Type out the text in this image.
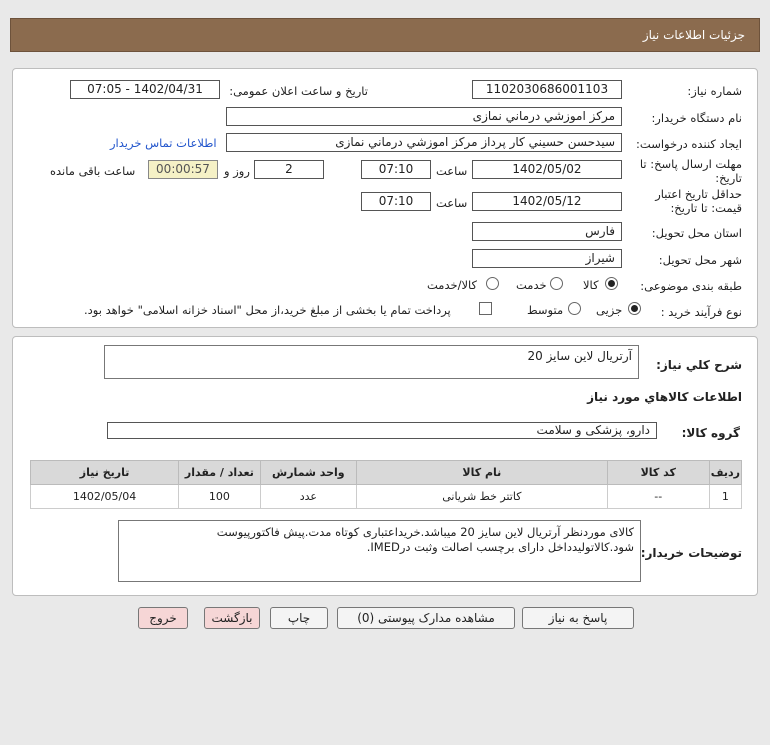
جزئیات اطلاعات نیاز
شماره نیاز:
1102030686001103
تاریخ و ساعت اعلان عمومی:
1402/04/31 - 07:05
نام دستگاه خریدار:
مرکز اموزشي درماني نمازی
ایجاد کننده درخواست:
سیدحسن حسيني كار پرداز مرکز اموزشي درماني نمازی
اطلاعات تماس خریدار
مهلت ارسال پاسخ: تا
تاریخ:
1402/05/02
ساعت
07:10
2
روز و
00:00:57
ساعت باقی مانده
حداقل تاریخ اعتبار
قیمت: تا تاریخ:
1402/05/12
ساعت
07:10
استان محل تحویل:
فارس
شهر محل تحویل:
شیراز
طبقه بندی موضوعی:
کالا
خدمت
کالا/خدمت
نوع فرآیند خرید :
جزیی
متوسط
پرداخت تمام یا بخشی از مبلغ خرید،از محل "اسناد خزانه اسلامی" خواهد بود.
شرح کلي نياز:
آرتریال لاین سایز 20
اطلاعات کالاهاي مورد نياز
گروه کالا:
دارو، پزشکی و سلامت
ردیف	کد کالا	نام کالا	واحد شمارش	تعداد / مقدار	تاریخ نیاز
1	--	کاتتر خط شریانی	عدد	100	1402/05/04
توضیحات خریدار:
کالای موردنظر آرتریال لاین سایز 20 میباشد.خریداعتباری کوتاه مدت.پیش فاکتورپیوست
شود.کالاتولیدداخل دارای برچسب اصالت وثبت درIMED.
پاسخ به نیاز
مشاهده مدارک پیوستی (0)
چاپ
بازگشت
خروج
